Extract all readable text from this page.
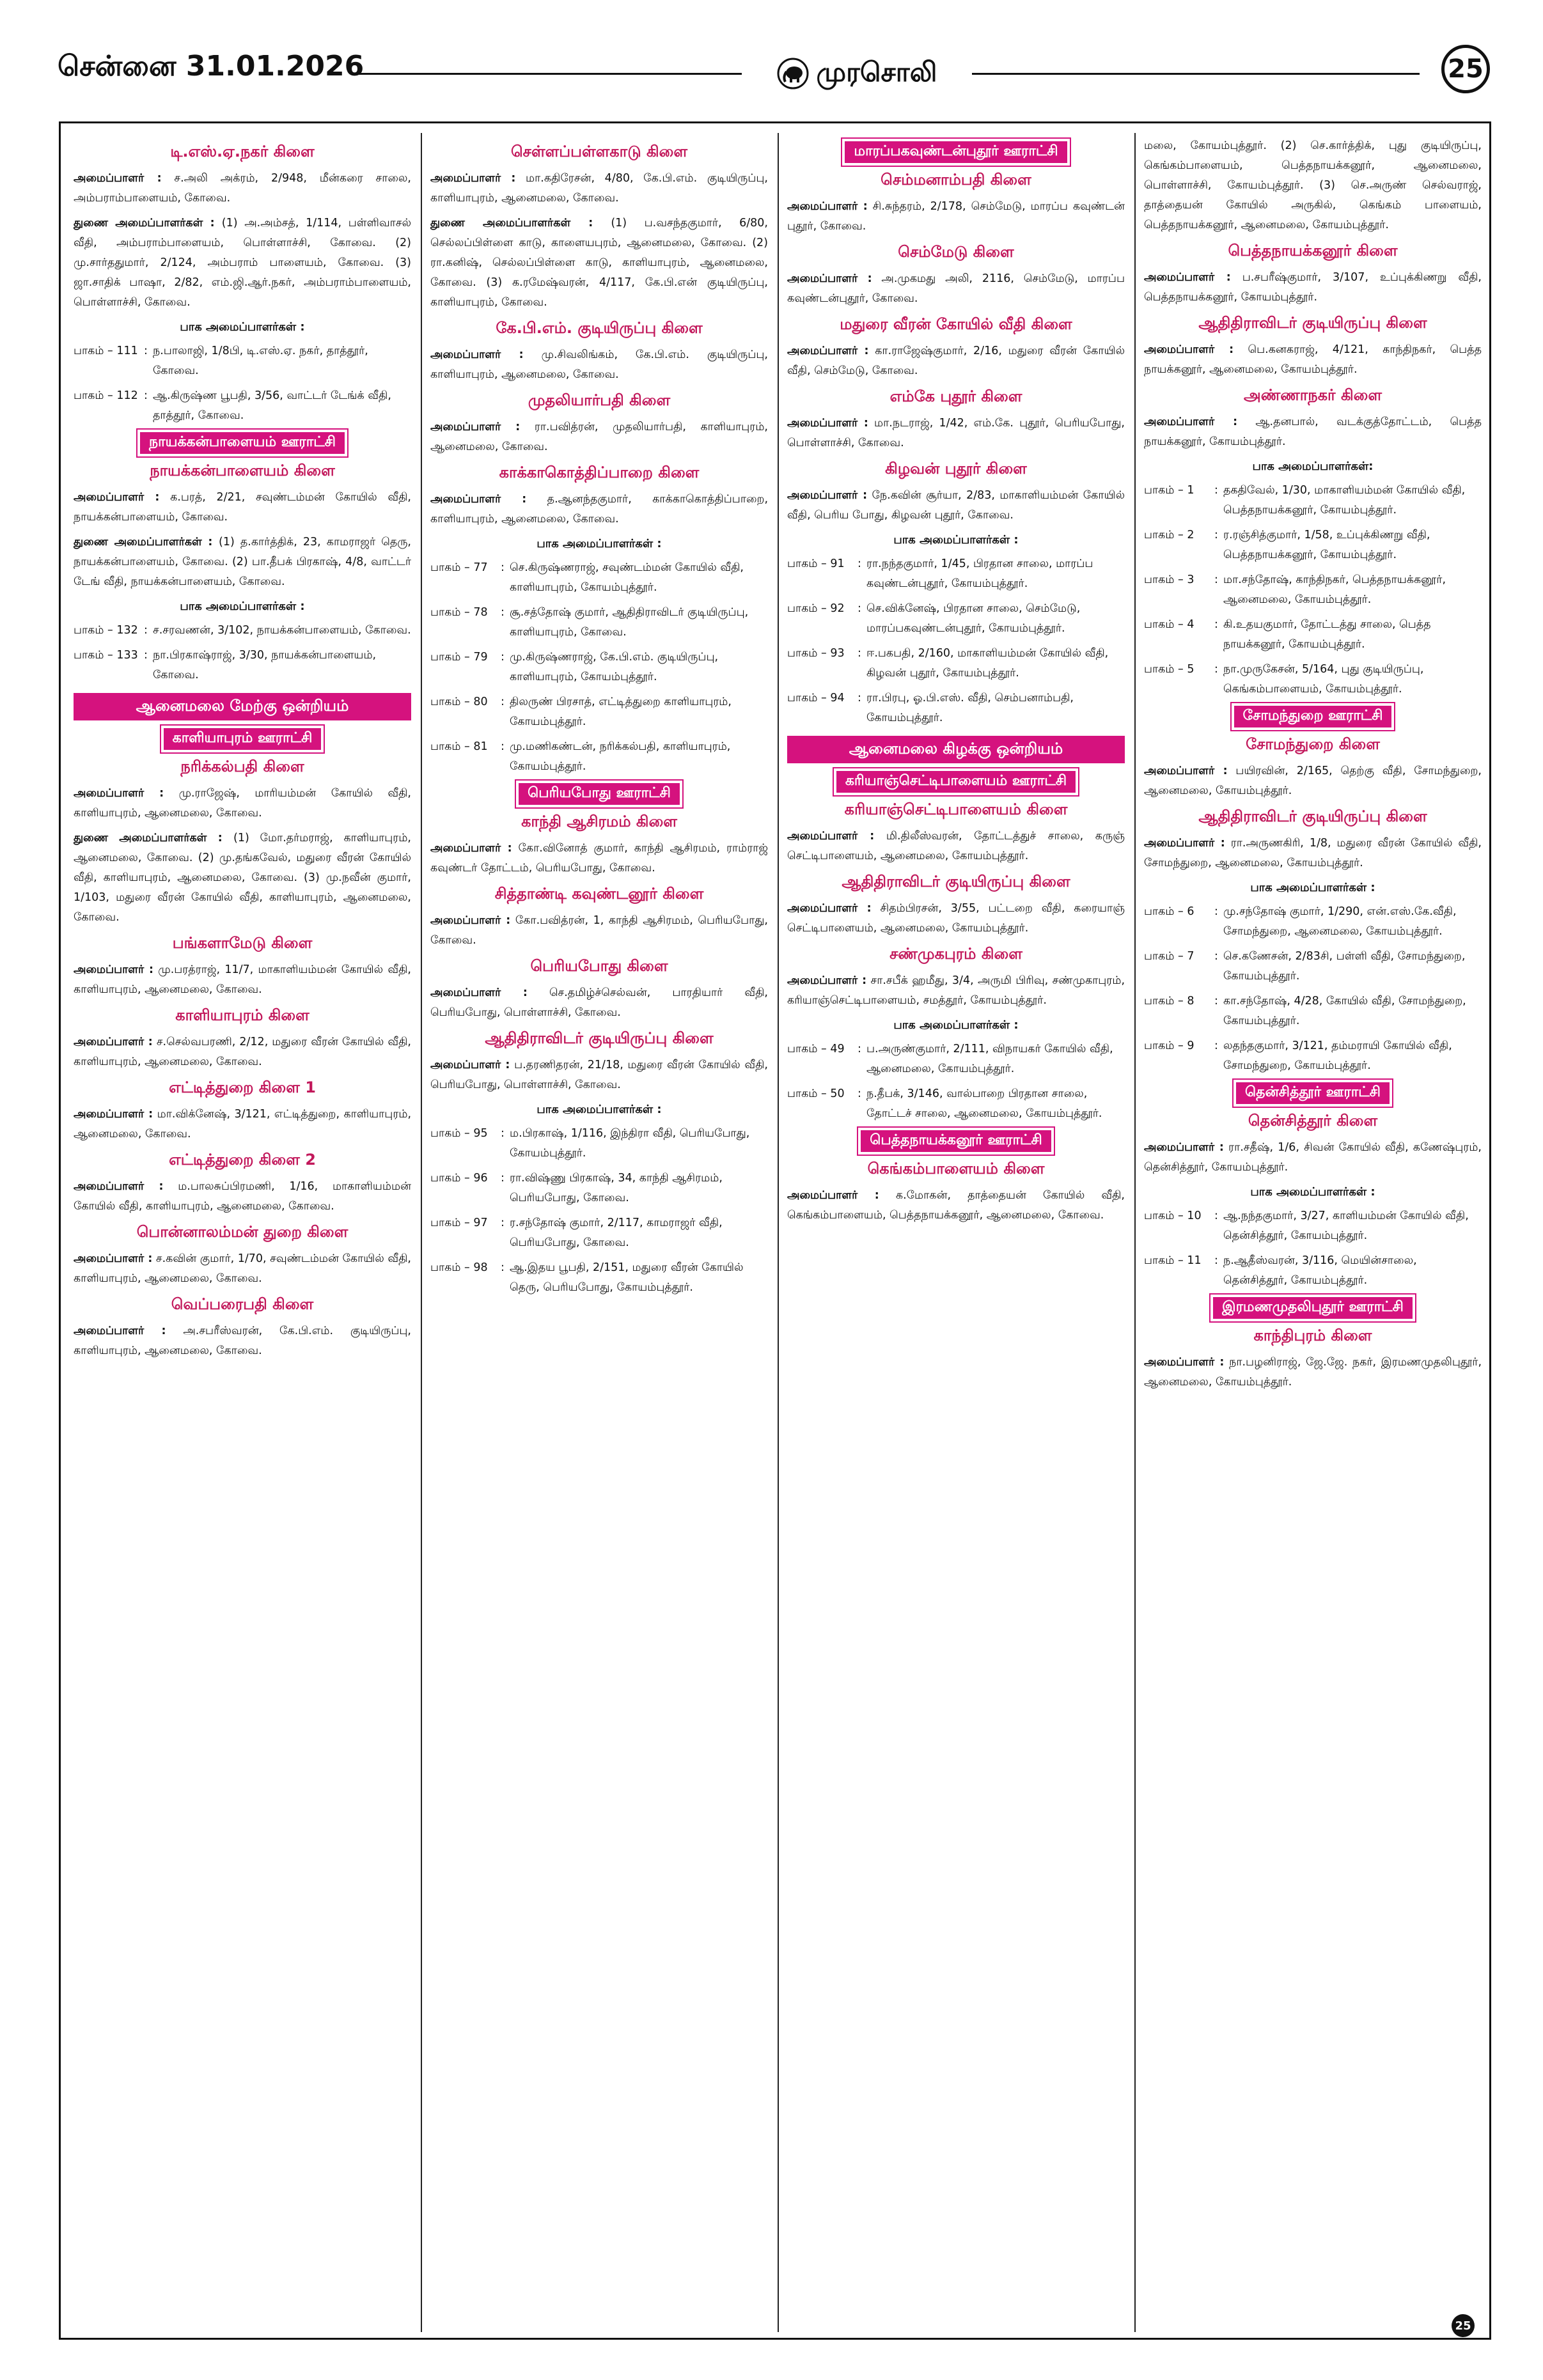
சென்னை 31.01.2026	முரசொலி	25
டி.எஸ்.ஏ.நகர் கிளை
அமைப்பாளர் : ச.அலி அக்ரம், 2/948, மீன்கரை சாலை, அம்பராம்பாளையம், கோவை.
துணை அமைப்பாளர்கள் : (1) அ.அம்சத், 1/114, பள்ளிவாசல் வீதி, அம்பராம்பாளையம், பொள்ளாச்சி, கோவை. (2) மு.சார்ததுமார், 2/124, அம்பராம் பாளையம், கோவை. (3) ஜா.சாதிக் பாஷா, 2/82, எம்.ஜி.ஆர்.நகர், அம்பராம்பாளையம், பொள்ளாச்சி, கோவை.
பாக அமைப்பாளர்கள் :
பாகம் – 111 : ந.பாலாஜி, 1/8பி, டி.எஸ்.ஏ. நகர், தாத்தூர், கோவை.
பாகம் – 112 : ஆ.கிருஷ்ண பூபதி, 3/56, வாட்டர் டேங்க் வீதி, தாத்தூர், கோவை.
நாயக்கன்பாளையம் ஊராட்சி
நாயக்கன்பாளையம் கிளை
அமைப்பாளர் : க.பரத், 2/21, சவுண்டம்மன் கோயில் வீதி, நாயக்கன்பாளையம், கோவை.
துணை அமைப்பாளர்கள் : (1) த.கார்த்திக், 23, காமராஜர் தெரு, நாயக்கன்பாளையம், கோவை. (2) பா.தீபக் பிரகாஷ், 4/8, வாட்டர் டேங் வீதி, நாயக்கன்பாளையம், கோவை.
பாக அமைப்பாளர்கள் :
பாகம் – 132 : ச.சரவணன், 3/102, நாயக்கன்பாளையம், கோவை.
பாகம் – 133 : நா.பிரகாஷ்ராஜ், 3/30, நாயக்கன்பாளையம், கோவை.
ஆனைமலை மேற்கு ஒன்றியம்
காளியாபுரம் ஊராட்சி
நரிக்கல்பதி கிளை
அமைப்பாளர் : மு.ராஜேஷ், மாரியம்மன் கோயில் வீதி, காளியாபுரம், ஆனைமலை, கோவை.
துணை அமைப்பாளர்கள் : (1) மோ.தர்மராஜ், காளியாபுரம், ஆனைமலை, கோவை. (2) மு.தங்கவேல், மதுரை வீரன் கோயில் வீதி, காளியாபுரம், ஆனைமலை, கோவை. (3) மு.நவீன் குமார், 1/103, மதுரை வீரன் கோயில் வீதி, காளியாபுரம், ஆனைமலை, கோவை.
பங்களாமேடு கிளை
அமைப்பாளர் : மு.பரத்ராஜ், 11/7, மாகாளியம்மன் கோயில் வீதி, காளியாபுரம், ஆனைமலை, கோவை.
காளியாபுரம் கிளை
அமைப்பாளர் : ச.செல்வபரணி, 2/12, மதுரை வீரன் கோயில் வீதி, காளியாபுரம், ஆனைமலை, கோவை.
எட்டித்துறை கிளை 1
அமைப்பாளர் : மா.விக்னேஷ், 3/121, எட்டித்துறை, காளியாபுரம், ஆனைமலை, கோவை.
எட்டித்துறை கிளை 2
அமைப்பாளர் : ம.பாலசுப்பிரமணி, 1/16, மாகாளியம்மன் கோயில் வீதி, காளியாபுரம், ஆனைமலை, கோவை.
பொன்னாலம்மன் துறை கிளை
அமைப்பாளர் : ச.கவின் குமார், 1/70, சவுண்டம்மன் கோயில் வீதி, காளியாபுரம், ஆனைமலை, கோவை.
வெப்பரைபதி கிளை
அமைப்பாளர் : அ.சபரீஸ்வரன், கே.பி.எம். குடியிருப்பு, காளியாபுரம், ஆனைமலை, கோவை.
செள்ளப்பள்ளகாடு கிளை
அமைப்பாளர் : மா.கதிரேசன், 4/80, கே.பி.எம். குடியிருப்பு, காளியாபுரம், ஆனைமலை, கோவை.
துணை அமைப்பாளர்கள் : (1) ப.வசந்தகுமார், 6/80, செல்லப்பிள்ளை காடு, காளையபுரம், ஆனைமலை, கோவை. (2) ரா.கனிஷ், செல்லப்பிள்ளை காடு, காளியாபுரம், ஆனைமலை, கோவை. (3) க.ரமேஷ்வரன், 4/117, கே.பி.என் குடியிருப்பு, காளியாபுரம், கோவை.
கே.பி.எம். குடியிருப்பு கிளை
அமைப்பாளர் : மு.சிவலிங்கம், கே.பி.எம். குடியிருப்பு, காளியாபுரம், ஆனைமலை, கோவை.
முதலியார்பதி கிளை
அமைப்பாளர் : ரா.பவித்ரன், முதலியார்பதி, காளியாபுரம், ஆனைமலை, கோவை.
காக்காகொத்திப்பாறை கிளை
அமைப்பாளர் : த.ஆனந்தகுமார், காக்காகொத்திப்பாறை, காளியாபுரம், ஆனைமலை, கோவை.
பாக அமைப்பாளர்கள் :
பாகம் – 77	: செ.கிருஷ்ணராஜ், சவுண்டம்மன் கோயில் வீதி, காளியாபுரம், கோயம்புத்தூர்.
பாகம் – 78	: சூ.சத்தோஷ் குமார், ஆதிதிராவிடர் குடியிருப்பு, காளியாபுரம், கோவை.
பாகம் – 79	: மு.கிருஷ்ணராஜ், கே.பி.எம். குடியிருப்பு, காளியாபுரம், கோயம்புத்தூர்.
பாகம் – 80	: திலருண் பிரசாத், எட்டித்துறை காளியாபுரம், கோயம்புத்தூர்.
பாகம் – 81	: மு.மணிகண்டன், நரிக்கல்பதி, காளியாபுரம், கோயம்புத்தூர்.
பெரியபோது ஊராட்சி
காந்தி ஆசிரமம் கிளை
அமைப்பாளர் : கோ.வினோத் குமார், காந்தி ஆசிரமம், ராம்ராஜ் கவுண்டர் தோட்டம், பெரியபோது, கோவை.
சித்தாண்டி கவுண்டனூர் கிளை
அமைப்பாளர் : கோ.பவித்ரன், 1, காந்தி ஆசிரமம், பெரியபோது, கோவை.
பெரியபோது கிளை
அமைப்பாளர் : செ.தமிழ்ச்செல்வன், பாரதியார் வீதி, பெரியபோது, பொள்ளாச்சி, கோவை.
ஆதிதிராவிடர் குடியிருப்பு கிளை
அமைப்பாளர் : ப.தரணிதரன், 21/18, மதுரை வீரன் கோயில் வீதி, பெரியபோது, பொள்ளாச்சி, கோவை.
பாக அமைப்பாளர்கள் :
பாகம் – 95	: ம.பிரகாஷ், 1/116, இந்திரா வீதி, பெரியபோது, கோயம்புத்தூர்.
பாகம் – 96	: ரா.விஷ்ணு பிரகாஷ், 34, காந்தி ஆசிரமம், பெரியபோது, கோவை.
பாகம் – 97	: ர.சந்தோஷ் குமார், 2/117, காமராஜர் வீதி, பெரியபோது, கோவை.
பாகம் – 98	: ஆ.இதய பூபதி, 2/151, மதுரை வீரன் கோயில் தெரு, பெரியபோது, கோயம்புத்தூர்.
மாரப்பகவுண்டன்புதூர் ஊராட்சி
செம்மனாம்பதி கிளை
அமைப்பாளர் : சி.சுந்தரம், 2/178, செம்மேடு, மாரப்ப கவுண்டன் புதூர், கோவை.
செம்மேடு கிளை
அமைப்பாளர் : அ.முகமது அலி, 2116, செம்மேடு, மாரப்ப கவுண்டன்புதூர், கோவை.
மதுரை வீரன் கோயில் வீதி கிளை
அமைப்பாளர் : கா.ராஜேஷ்குமார், 2/16, மதுரை வீரன் கோயில் வீதி, செம்மேடு, கோவை.
எம்கே புதூர் கிளை
அமைப்பாளர் : மா.நடராஜ், 1/42, எம்.கே. புதூர், பெரியபோது, பொள்ளாச்சி, கோவை.
கிழவன் புதூர் கிளை
அமைப்பாளர் : நே.கவின் சூர்யா, 2/83, மாகாளியம்மன் கோயில் வீதி, பெரிய போது, கிழவன் புதூர், கோவை.
பாக அமைப்பாளர்கள் :
பாகம் – 91	: ரா.நந்தகுமார், 1/45, பிரதான சாலை, மாரப்ப கவுண்டன்புதூர், கோயம்புத்தூர்.
பாகம் – 92	: செ.விக்னேஷ், பிரதான சாலை, செம்மேடு, மாரப்பகவுண்டன்புதூர், கோயம்புத்தூர்.
பாகம் – 93	: ஈ.பகபதி, 2/160, மாகாளியம்மன் கோயில் வீதி, கிழவன் புதூர், கோயம்புத்தூர்.
பாகம் – 94	: ரா.பிரபு, ஓ.பி.எஸ். வீதி, செம்பனாம்பதி, கோயம்புத்தூர்.
ஆனைமலை கிழக்கு ஒன்றியம்
கரியாஞ்செட்டிபாளையம் ஊராட்சி
கரியாஞ்செட்டிபாளையம் கிளை
அமைப்பாளர் : மி.திலீஸ்வரன், தோட்டத்துச் சாலை, கருஞ் செட்டிபாளையம், ஆனைமலை, கோயம்புத்தூர்.
ஆதிதிராவிடர் குடியிருப்பு கிளை
அமைப்பாளர் : சிதம்பிரசன், 3/55, பட்டறை வீதி, கரையாஞ் செட்டிபாளையம், ஆனைமலை, கோயம்புத்தூர்.
சண்முகபுரம் கிளை
அமைப்பாளர் : சா.சபீக் ஹமீது, 3/4, அருமி பிரிவு, சண்முகாபுரம், கரியாஞ்செட்டிபாளையம், சமத்தூர், கோயம்புத்தூர்.
பாக அமைப்பாளர்கள் :
பாகம் – 49	: ப.அருண்குமார், 2/111, விநாயகர் கோயில் வீதி, ஆனைமலை, கோயம்புத்தூர்.
பாகம் – 50	: ந.தீபக், 3/146, வால்பாறை பிரதான சாலை, தோட்டச் சாலை, ஆனைமலை, கோயம்புத்தூர்.
பெத்தநாயக்கனூர் ஊராட்சி
கெங்கம்பாளையம் கிளை
அமைப்பாளர் : க.மோகன், தாத்தையன் கோயில் வீதி, கெங்கம்பாளையம், பெத்தநாயக்கனூர், ஆனைமலை, கோவை.
மலை, கோயம்புத்தூர். (2) செ.கார்த்திக், புது குடியிருப்பு, கெங்கம்பாளையம், பெத்தநாயக்கனூர், ஆனைமலை, பொள்ளாச்சி, கோயம்புத்தூர். (3) செ.அருண் செல்வராஜ், தாத்தையன் கோயில் அருகில், கெங்கம் பாளையம், பெத்தநாயக்கனூர், ஆனைமலை, கோயம்புத்தூர்.
பெத்தநாயக்கனூர் கிளை
அமைப்பாளர் : ப.சபரீஷ்குமார், 3/107, உப்புக்கிணறு வீதி, பெத்தநாயக்கனூர், கோயம்புத்தூர்.
ஆதிதிராவிடர் குடியிருப்பு கிளை
அமைப்பாளர் : பெ.கனகராஜ், 4/121, காந்திநகர், பெத்த நாயக்கனூர், ஆனைமலை, கோயம்புத்தூர்.
அண்ணாநகர் கிளை
அமைப்பாளர் : ஆ.தனபால், வடக்குத்தோட்டம், பெத்த நாயக்கனூர், கோயம்புத்தூர்.
பாக அமைப்பாளர்கள்:
பாகம் – 1	: தகதிவேல், 1/30, மாகாளியம்மன் கோயில் வீதி, பெத்தநாயக்கனூர், கோயம்புத்தூர்.
பாகம் – 2	: ர.ரஞ்சித்குமார், 1/58, உப்புக்கிணறு வீதி, பெத்தநாயக்கனூர், கோயம்புத்தூர்.
பாகம் – 3	: மா.சந்தோஷ், காந்திநகர், பெத்தநாயக்கனூர், ஆனைமலை, கோயம்புத்தூர்.
பாகம் – 4	: கி.உதயகுமார், தோட்டத்து சாலை, பெத்த நாயக்கனூர், கோயம்புத்தூர்.
பாகம் – 5	: நா.முருகேசன், 5/164, புது குடியிருப்பு, கெங்கம்பாளையம், கோயம்புத்தூர்.
சோமந்துறை ஊராட்சி
சோமந்துறை கிளை
அமைப்பாளர் : பயிரவின், 2/165, தெற்கு வீதி, சோமந்துறை, ஆனைமலை, கோயம்புத்தூர்.
ஆதிதிராவிடர் குடியிருப்பு கிளை
அமைப்பாளர் : ரா.அருணகிரி, 1/8, மதுரை வீரன் கோயில் வீதி, சோமந்துறை, ஆனைமலை, கோயம்புத்தூர்.
பாக அமைப்பாளர்கள் :
பாகம் – 6	: மு.சந்தோஷ் குமார், 1/290, என்.எஸ்.கே.வீதி, சோமந்துறை, ஆனைமலை, கோயம்புத்தூர்.
பாகம் – 7	: செ.கணேசன், 2/83சி, பள்ளி வீதி, சோமந்துறை, கோயம்புத்தூர்.
பாகம் – 8	: கா.சந்தோஷ், 4/28, கோயில் வீதி, சோமந்துறை, கோயம்புத்தூர்.
பாகம் – 9	: லதந்தகுமார், 3/121, தம்மராயி கோயில் வீதி, சோமந்துறை, கோயம்புத்தூர்.
தென்சித்தூர் ஊராட்சி
தென்சித்தூர் கிளை
அமைப்பாளர் : ரா.சதீஷ், 1/6, சிவன் கோயில் வீதி, கணேஷ்புரம், தென்சித்தூர், கோயம்புத்தூர்.
பாக அமைப்பாளர்கள் :
பாகம் – 10	: ஆ.நந்தகுமார், 3/27, காளியம்மன் கோயில் வீதி, தென்சித்தூர், கோயம்புத்தூர்.
பாகம் – 11	: ந.ஆதீஸ்வரன், 3/116, மெயின்சாலை, தென்சித்தூர், கோயம்புத்தூர்.
இரமணமுதலிபுதூர் ஊராட்சி
காந்திபுரம் கிளை
அமைப்பாளர் : நா.பழனிராஜ், ஜே.ஜே. நகர், இரமணமுதலிபுதூர், ஆனைமலை, கோயம்புத்தூர்.
25
